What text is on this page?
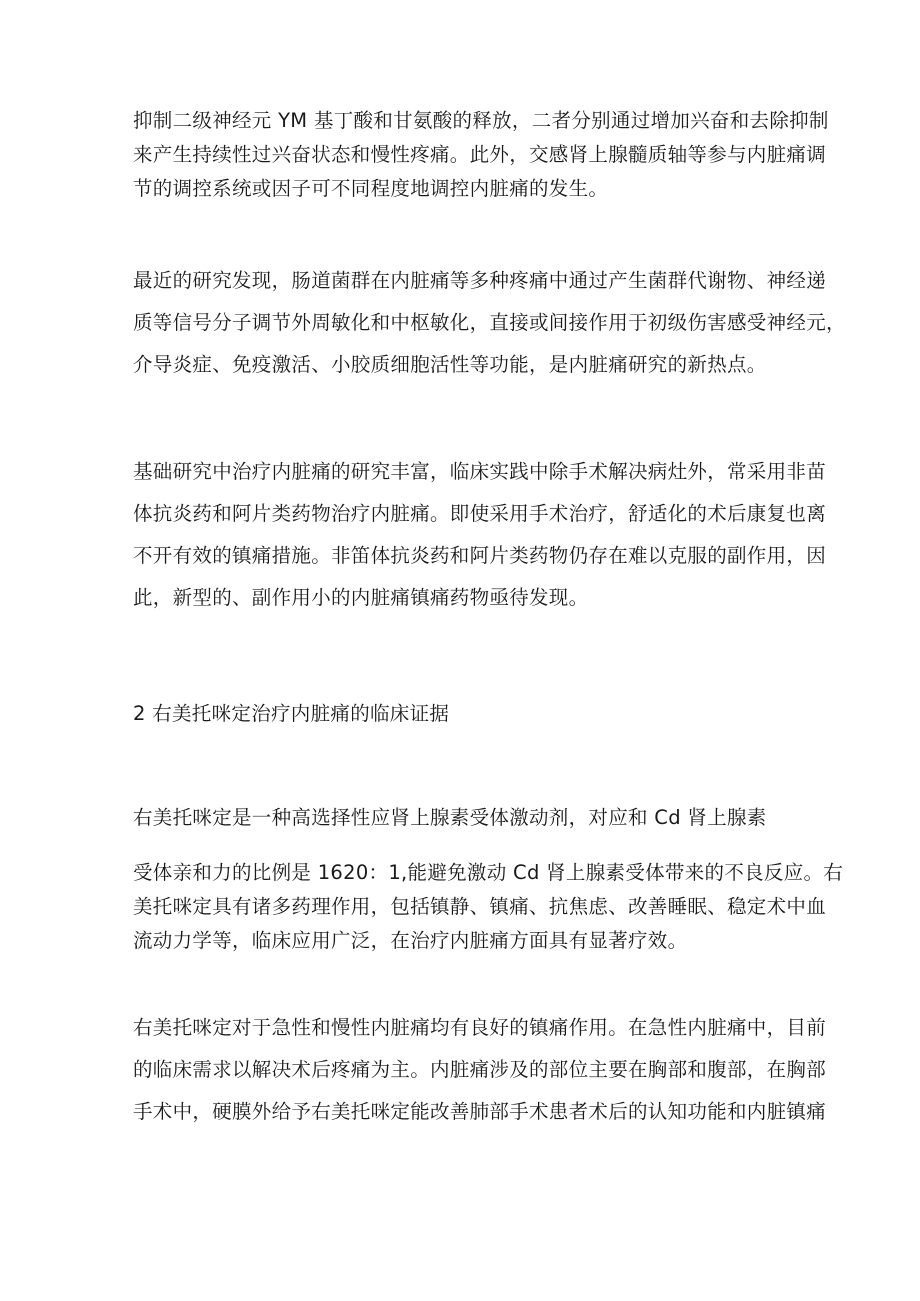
抑制二级神经元 YM 基丁酸和甘氨酸的释放，二者分别通过增加兴奋和去除抑制
来产生持续性过兴奋状态和慢性疼痛。此外，交感肾上腺髓质轴等参与内脏痛调
节的调控系统或因子可不同程度地调控内脏痛的发生。

最近的研究发现，肠道菌群在内脏痛等多种疼痛中通过产生菌群代谢物、神经递
质等信号分子调节外周敏化和中枢敏化，直接或间接作用于初级伤害感受神经元，
介导炎症、免疫激活、小胶质细胞活性等功能，是内脏痛研究的新热点。

基础研究中治疗内脏痛的研究丰富，临床实践中除手术解决病灶外，常采用非苗
体抗炎药和阿片类药物治疗内脏痛。即使采用手术治疗，舒适化的术后康复也离
不开有效的镇痛措施。非笛体抗炎药和阿片类药物仍存在难以克服的副作用，因
此，新型的、副作用小的内脏痛镇痛药物亟待发现。

2 右美托咪定治疗内脏痛的临床证据

右美托咪定是一种高选择性应肾上腺素受体激动剂，对应和 Cd 肾上腺素

受体亲和力的比例是 1620：1,能避免激动 Cd 肾上腺素受体带来的不良反应。右
美托咪定具有诸多药理作用，包括镇静、镇痛、抗焦虑、改善睡眠、稳定术中血
流动力学等，临床应用广泛，在治疗内脏痛方面具有显著疗效。

右美托咪定对于急性和慢性内脏痛均有良好的镇痛作用。在急性内脏痛中，目前
的临床需求以解决术后疼痛为主。内脏痛涉及的部位主要在胸部和腹部，在胸部
手术中，硬膜外给予右美托咪定能改善肺部手术患者术后的认知功能和内脏镇痛
